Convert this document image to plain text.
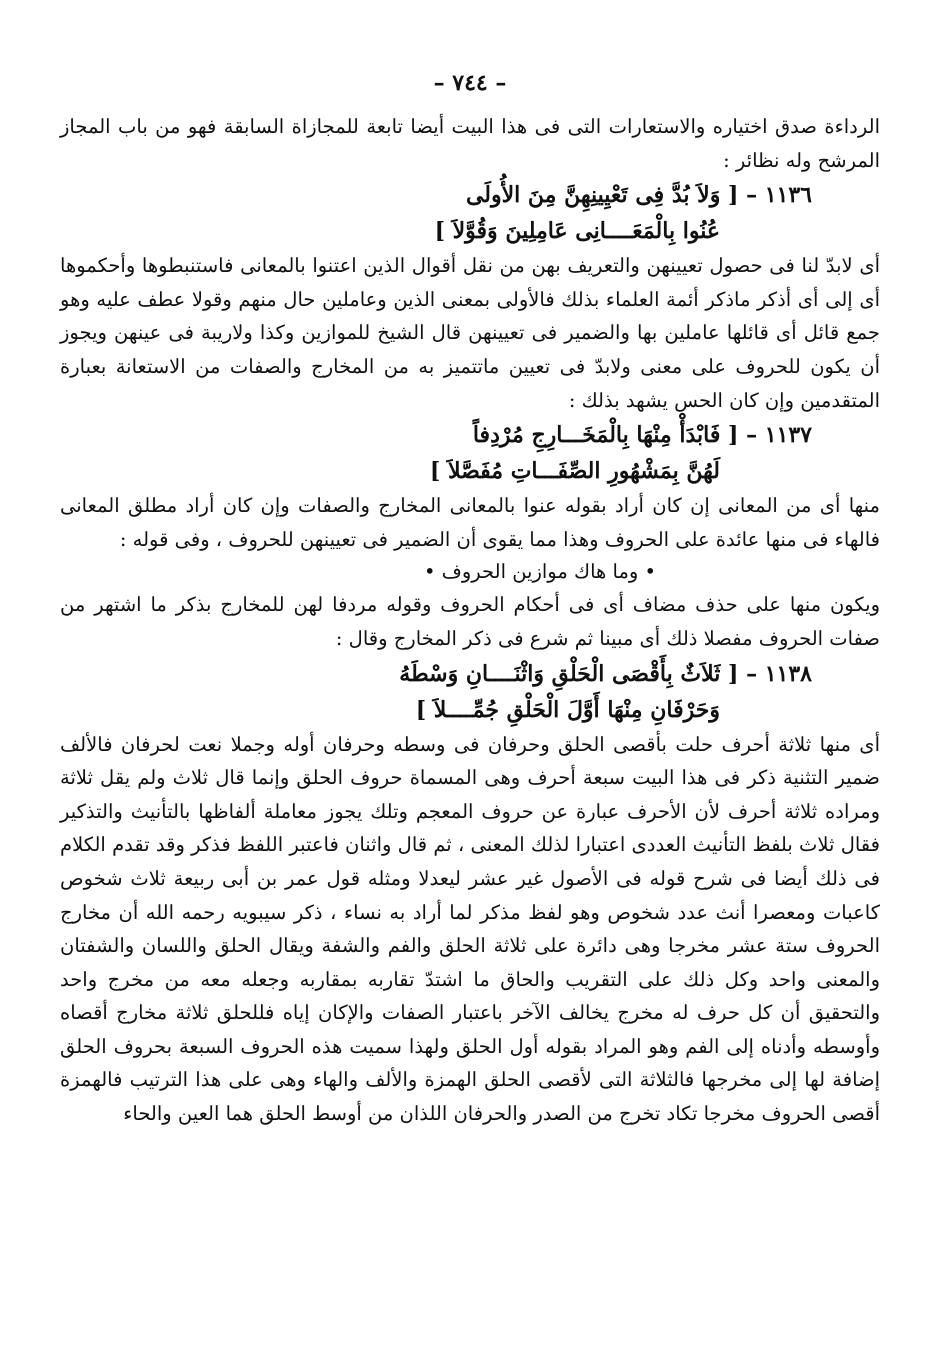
– ٧٤٤ –

الرداءة صدق اختياره والاستعارات التى فى هذا البيت أيضا تابعة للمجازاة السابقة فهو من باب المجاز المرشح وله نظائر :

١١٣٦ – [ وَلاَ بُدَّ فِى تَعْيِينِهِنَّ مِنَ الأُولَى
عُنُوا بِالْمَعَــــانِى عَامِلِينَ وَقُوَّلاَ ]

أى لابدّ لنا فى حصول تعيينهن والتعريف بهن من نقل أقوال الذين اعتنوا بالمعانى فاستنبطوها وأحكموها أى إلى أى أذكر ماذكر أئمة العلماء بذلك فالأولى بمعنى الذين وعاملين حال منهم وقولا عطف عليه وهو جمع قائل أى قائلها عاملين بها والضمير فى تعيينهن قال الشيخ للموازين وكذا ولاريبة فى عينهن ويجوز أن يكون للحروف على معنى ولابدّ فى تعيين ماتتميز به من المخارج والصفات من الاستعانة بعبارة المتقدمين وإن كان الحس يشهد بذلك :

١١٣٧ – [ فَابْدَأْ مِنْهَا بِالْمَخَـــارِجِ مُرْدِفاً
لَهُنَّ بِمَشْهُورِ الصِّفَـــاتِ مُفَصَّلاَ ]

منها أى من المعانى إن كان أراد بقوله عنوا بالمعانى المخارج والصفات وإن كان أراد مطلق المعانى فالهاء فى منها عائدة على الحروف وهذا مما يقوى أن الضمير فى تعيينهن للحروف ، وفى قوله :

• وما هاك موازين الحروف •

ويكون منها على حذف مضاف أى فى أحكام الحروف وقوله مردفا لهن للمخارج بذكر ما اشتهر من صفات الحروف مفصلا ذلك أى مبينا ثم شرع فى ذكر المخارج وقال :

١١٣٨ – [ ثَلاَثٌ بِأَقْصَى الْحَلْقِ وَاثْنَــــانِ وَسْطَهُ
وَحَرْفَانِ مِنْهَا أَوَّلَ الْحَلْقِ جُمِّــــلاَ ]

أى منها ثلاثة أحرف حلت بأقصى الحلق وحرفان فى وسطه وحرفان أوله وجملا نعت لحرفان فالألف ضمير التثنية ذكر فى هذا البيت سبعة أحرف وهى المسماة حروف الحلق وإنما قال ثلاث ولم يقل ثلاثة ومراده ثلاثة أحرف لأن الأحرف عبارة عن حروف المعجم وتلك يجوز معاملة ألفاظها بالتأنيث والتذكير فقال ثلاث بلفظ التأنيث العددى اعتبارا لذلك المعنى ، ثم قال واثنان فاعتبر اللفظ فذكر وقد تقدم الكلام فى ذلك أيضا فى شرح قوله فى الأصول غير عشر ليعدلا ومثله قول عمر بن أبى ربيعة ثلاث شخوص كاعبات ومعصرا أنث عدد شخوص وهو لفظ مذكر لما أراد به نساء ، ذكر سيبويه رحمه الله أن مخارج الحروف ستة عشر مخرجا وهى دائرة على ثلاثة الحلق والفم والشفة ويقال الحلق واللسان والشفتان والمعنى واحد وكل ذلك على التقريب والحاق ما اشتدّ تقاربه بمقاربه وجعله معه من مخرج واحد والتحقيق أن كل حرف له مخرج يخالف الآخر باعتبار الصفات والإكان إياه فللحلق ثلاثة مخارج أقصاه وأوسطه وأدناه إلى الفم وهو المراد بقوله أول الحلق ولهذا سميت هذه الحروف السبعة بحروف الحلق إضافة لها إلى مخرجها فالثلاثة التى لأقصى الحلق الهمزة والألف والهاء وهى على هذا الترتيب فالهمزة أقصى الحروف مخرجا تكاد تخرج من الصدر والحرفان اللذان من أوسط الحلق هما العين والحاء
